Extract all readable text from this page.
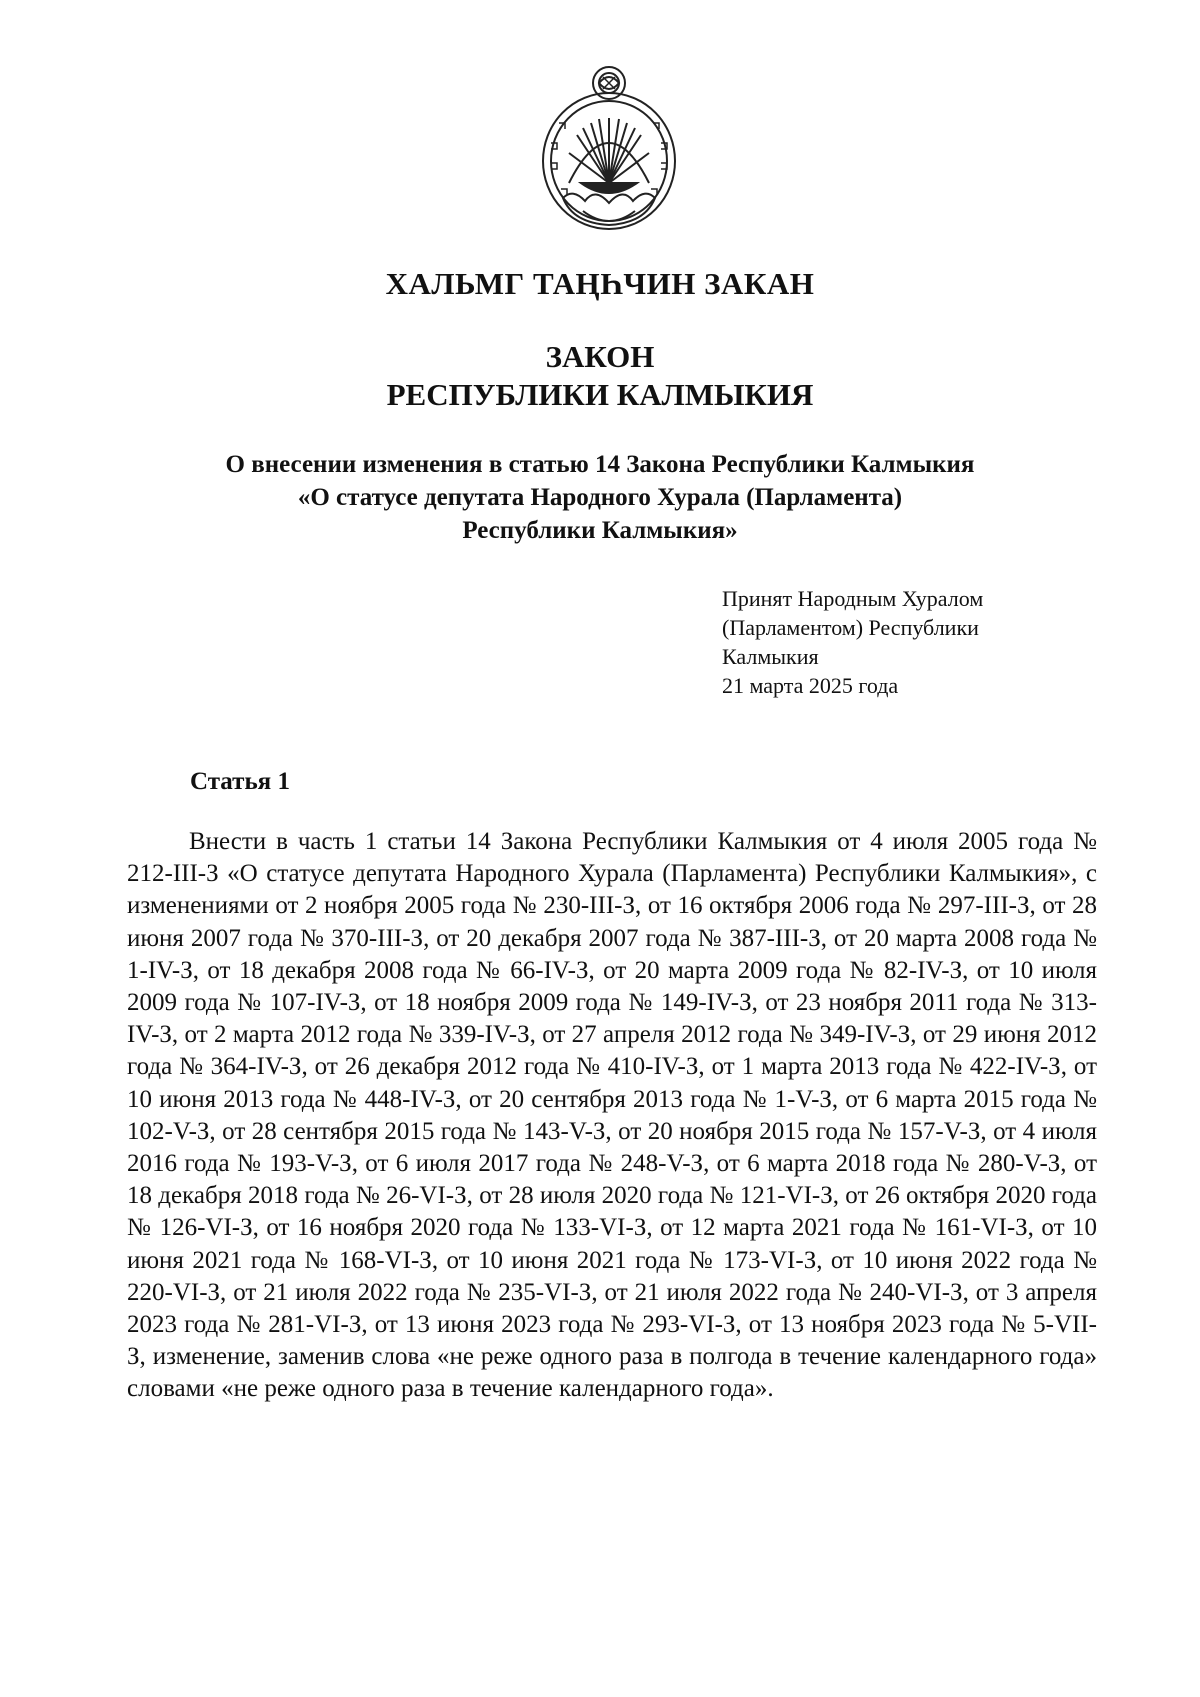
ХАЛЬМГ ТАҢҺЧИН ЗАКАН
ЗАКОН
РЕСПУБЛИКИ КАЛМЫКИЯ
О внесении изменения в статью 14 Закона Республики Калмыкия
«О статусе депутата Народного Хурала (Парламента)
Республики Калмыкия»
Принят Народным Хуралом
(Парламентом) Республики
Калмыкия
21 марта 2025 года
Статья 1
Внести в часть 1 статьи 14 Закона Республики Калмыкия от 4 июля 2005 года № 212-III-З «О статусе депутата Народного Хурала (Парламента) Республики Калмыкия», с изменениями от 2 ноября 2005 года № 230-III-З, от 16 октября 2006 года № 297-III-З, от 28 июня 2007 года № 370-III-З, от 20 декабря 2007 года № 387-III-З, от 20 марта 2008 года № 1-IV-З, от 18 декабря 2008 года № 66-IV-З, от 20 марта 2009 года № 82-IV-З, от 10 июля 2009 года № 107-IV-З, от 18 ноября 2009 года № 149-IV-З, от 23 ноября 2011 года № 313-IV-З, от 2 марта 2012 года № 339-IV-З, от 27 апреля 2012 года № 349-IV-З, от 29 июня 2012 года № 364-IV-З, от 26 декабря 2012 года № 410-IV-З, от 1 марта 2013 года № 422-IV-З, от 10 июня 2013 года № 448-IV-З, от 20 сентября 2013 года № 1-V-З, от 6 марта 2015 года № 102-V-З, от 28 сентября 2015 года № 143-V-З, от 20 ноября 2015 года № 157-V-З, от 4 июля 2016 года № 193-V-З, от 6 июля 2017 года № 248-V-З, от 6 марта 2018 года № 280-V-З, от 18 декабря 2018 года № 26-VI-З, от 28 июля 2020 года № 121-VI-З, от 26 октября 2020 года № 126-VI-З, от 16 ноября 2020 года № 133-VI-З, от 12 марта 2021 года № 161-VI-З, от 10 июня 2021 года № 168-VI-З, от 10 июня 2021 года № 173-VI-З, от 10 июня 2022 года № 220-VI-З, от 21 июля 2022 года № 235-VI-З, от 21 июля 2022 года № 240-VI-З, от 3 апреля 2023 года № 281-VI-З, от 13 июня 2023 года № 293-VI-З, от 13 ноября 2023 года № 5-VII-З, изменение, заменив слова «не реже одного раза в полгода в течение календарного года» словами «не реже одного раза в течение календарного года».
